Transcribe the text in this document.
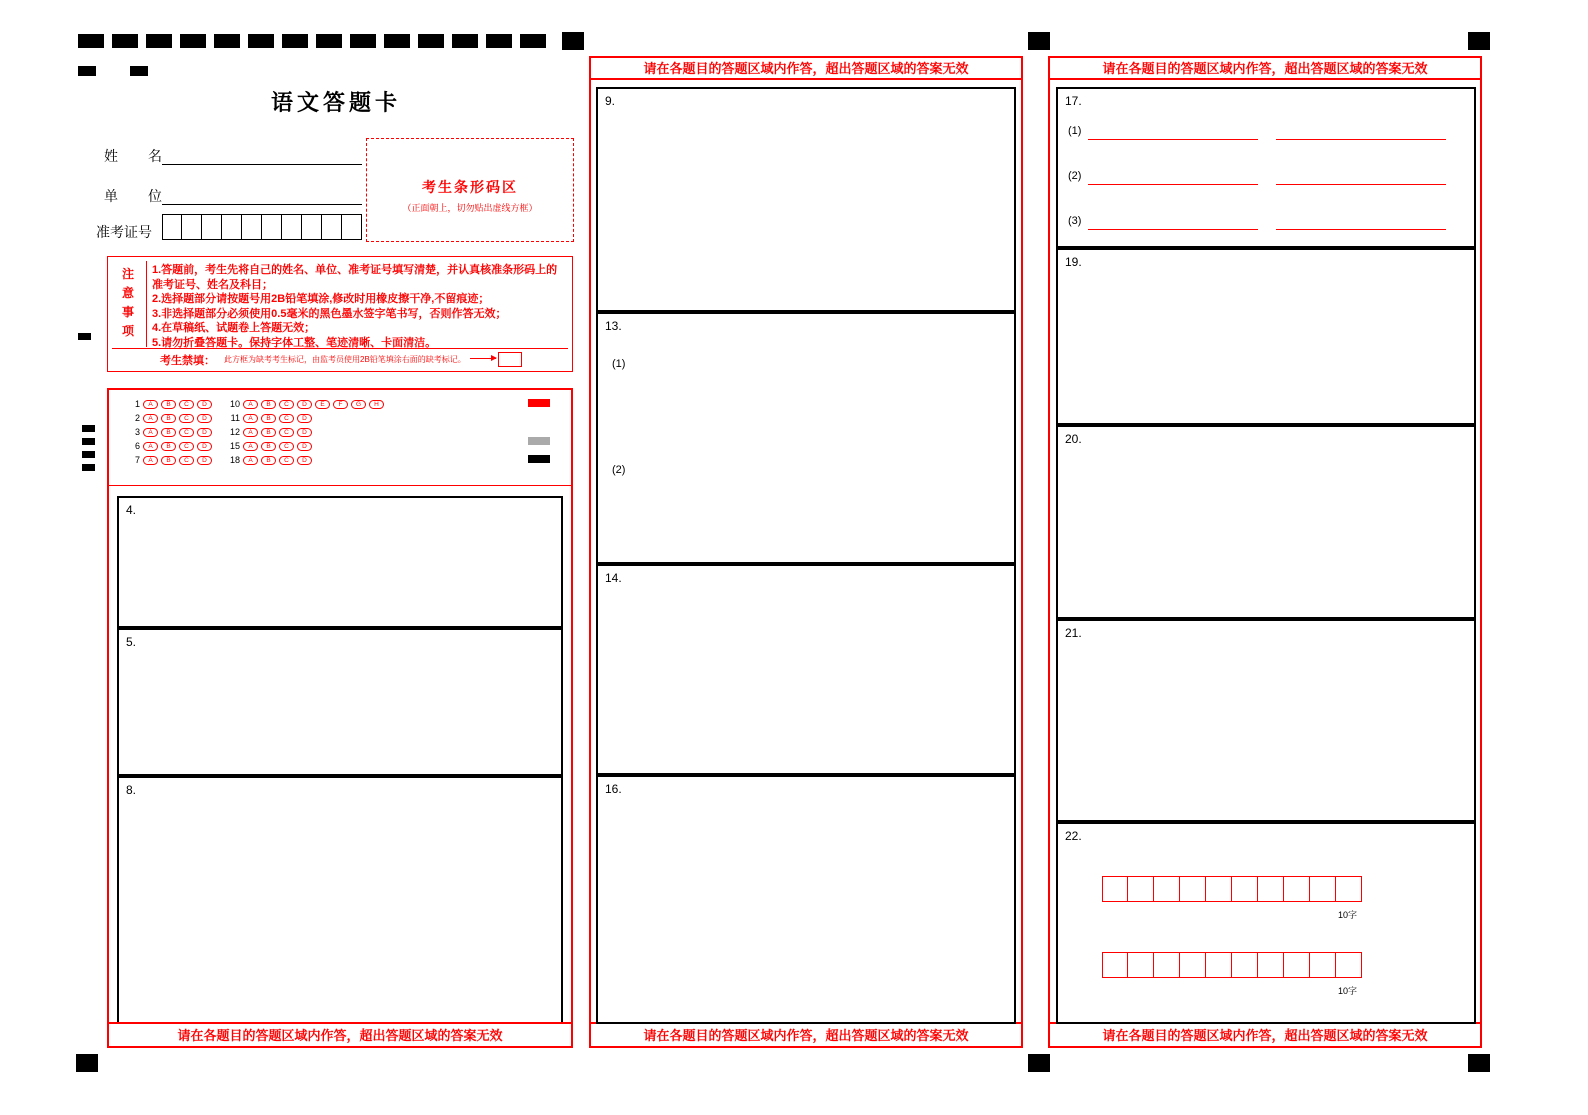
语文答题卡
姓　名
单　位
准考证号
考生条形码区
（正面朝上，切勿贴出虚线方框）
注
意
事
项
1.答题前，考生先将自己的姓名、单位、准考证号填写清楚，并认真核准条形码上的准考证号、姓名及科目；
2.选择题部分请按题号用2B铅笔填涂,修改时用橡皮擦干净,不留痕迹；
3.非选择题部分必须使用0.5毫米的黑色墨水签字笔书写，否则作答无效；
4.在草稿纸、试题卷上答题无效；
5.请勿折叠答题卡。保持字体工整、笔迹清晰、卡面清洁。
考生禁填： 此方框为缺考考生标记，由监考员使用2B铅笔填涂右面的缺考标记。
1 A B C D
2 A B C D
3 A B C D
6 A B C D
7 A B C D
10 A B C D E F G H
11 A B C D
12 A B C D
15 A B C D
18 A B C D
4.
5.
8.
请在各题目的答题区域内作答，超出答题区域的答案无效
请在各题目的答题区域内作答，超出答题区域的答案无效
请在各题目的答题区域内作答，超出答题区域的答案无效
9.
13.
(1)
(2)
14.
16.
请在各题目的答题区域内作答，超出答题区域的答案无效
请在各题目的答题区域内作答，超出答题区域的答案无效
17.
(1)
(2)
(3)
19.
20.
21.
22.
10字
10字
